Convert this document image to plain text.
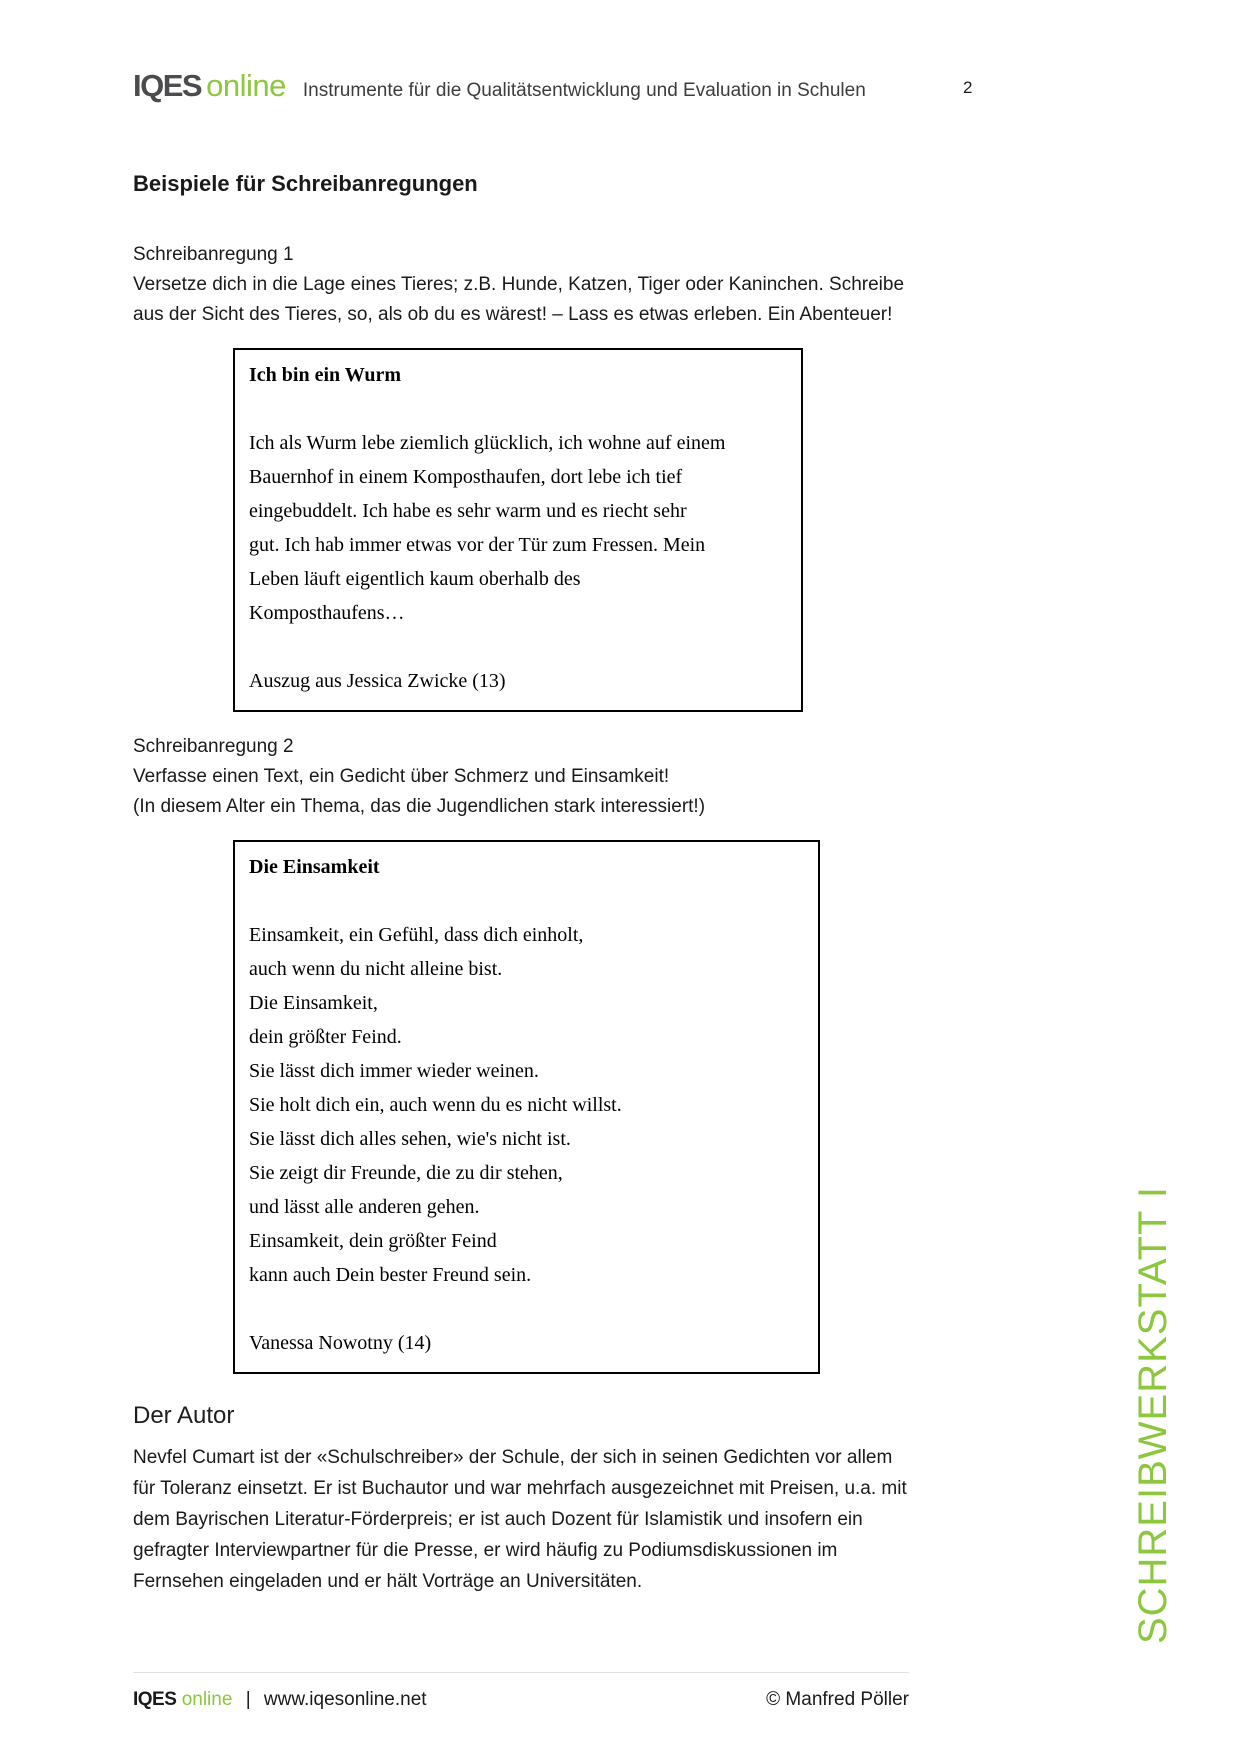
IQES online Instrumente für die Qualitätsentwicklung und Evaluation in Schulen	2
Beispiele für Schreibanregungen

Schreibanregung 1

Versetze dich in die Lage eines Tieres; z.B. Hunde, Katzen, Tiger oder Kaninchen. Schreibe aus der Sicht des Tieres, so, als ob du es wärest! – Lass es etwas erleben. Ein Abenteuer!

Ich bin ein Wurm
Ich als Wurm lebe ziemlich glücklich, ich wohne auf einem
Bauernhof in einem Komposthaufen, dort lebe ich tief
eingebuddelt. Ich habe es sehr warm und es riecht sehr
gut. Ich hab immer etwas vor der Tür zum Fressen. Mein
Leben läuft eigentlich kaum oberhalb des
Komposthaufens…
Auszug aus Jessica Zwicke (13)

Schreibanregung 2

Verfasse einen Text, ein Gedicht über Schmerz und Einsamkeit!

(In diesem Alter ein Thema, das die Jugendlichen stark interessiert!)

Die Einsamkeit
Einsamkeit, ein Gefühl, dass dich einholt,
auch wenn du nicht alleine bist.
Die Einsamkeit,
dein größter Feind.
Sie lässt dich immer wieder weinen.
Sie holt dich ein, auch wenn du es nicht willst.
Sie lässt dich alles sehen, wie's nicht ist.
Sie zeigt dir Freunde, die zu dir stehen,
und lässt alle anderen gehen.
Einsamkeit, dein größter Feind
kann auch Dein bester Freund sein.
Vanessa Nowotny (14)
Der Autor

Nevfel Cumart ist der «Schulschreiber» der Schule, der sich in seinen Gedichten vor allem für Toleranz einsetzt. Er ist Buchautor und war mehrfach ausgezeichnet mit Preisen, u.a. mit dem Bayrischen Literatur-Förderpreis; er ist auch Dozent für Islamistik und insofern ein gefragter Interviewpartner für die Presse, er wird häufig zu Podiumsdiskussionen im Fernsehen eingeladen und er hält Vorträge an Universitäten.	SCHREIBWERKSTATT I
IQES online | www.iqesonline.net	© Manfred Pöller
